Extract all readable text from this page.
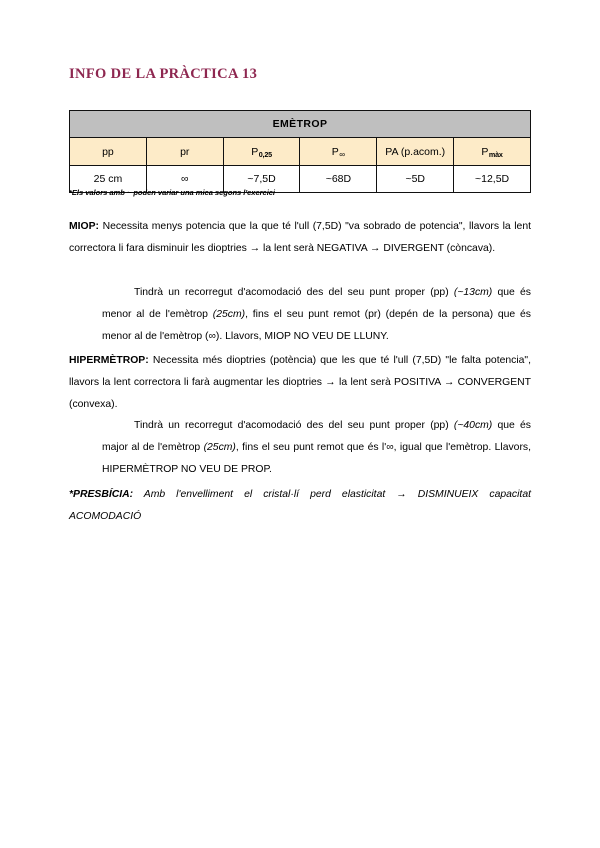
INFO DE LA PRÀCTICA 13
EMÈTROP					
pp	pr	$P_{0,25}$	P∞	PA (p.acom.)	$P_{màx}$
25 cm	∞	~7,5D	~68D	~5D	~12,5D
*Els valors amb ~ poden variar una mica segons l'exercici
MIOP: Necessita menys potencia que la que té l'ull (7,5D) "va sobrado de potencia", llavors la lent correctora li fara disminuir les dioptries → la lent serà NEGATIVA → DIVERGENT (còncava).
Tindrà un recorregut d'acomodació des del seu punt proper (pp) (~13cm) que és menor al de l'emètrop (25cm), fins el seu punt remot (pr) (depén de la persona) que és menor al de l'emètrop (∞). Llavors, MIOP NO VEU DE LLUNY.
HIPERMÈTROP: Necessita més dioptries (potència) que les que té l'ull (7,5D) "le falta potencia", llavors la lent correctora li farà augmentar les dioptries → la lent serà POSITIVA → CONVERGENT (convexa).
Tindrà un recorregut d'acomodació des del seu punt proper (pp) (~40cm) que és major al de l'emètrop (25cm), fins el seu punt remot que és l'∞, igual que l'emètrop. Llavors, HIPERMÈTROP NO VEU DE PROP.
*PRESBÍCIA: Amb l'envelliment el cristal·lí perd elasticitat → DISMINUEIX capacitat ACOMODACIÓ
